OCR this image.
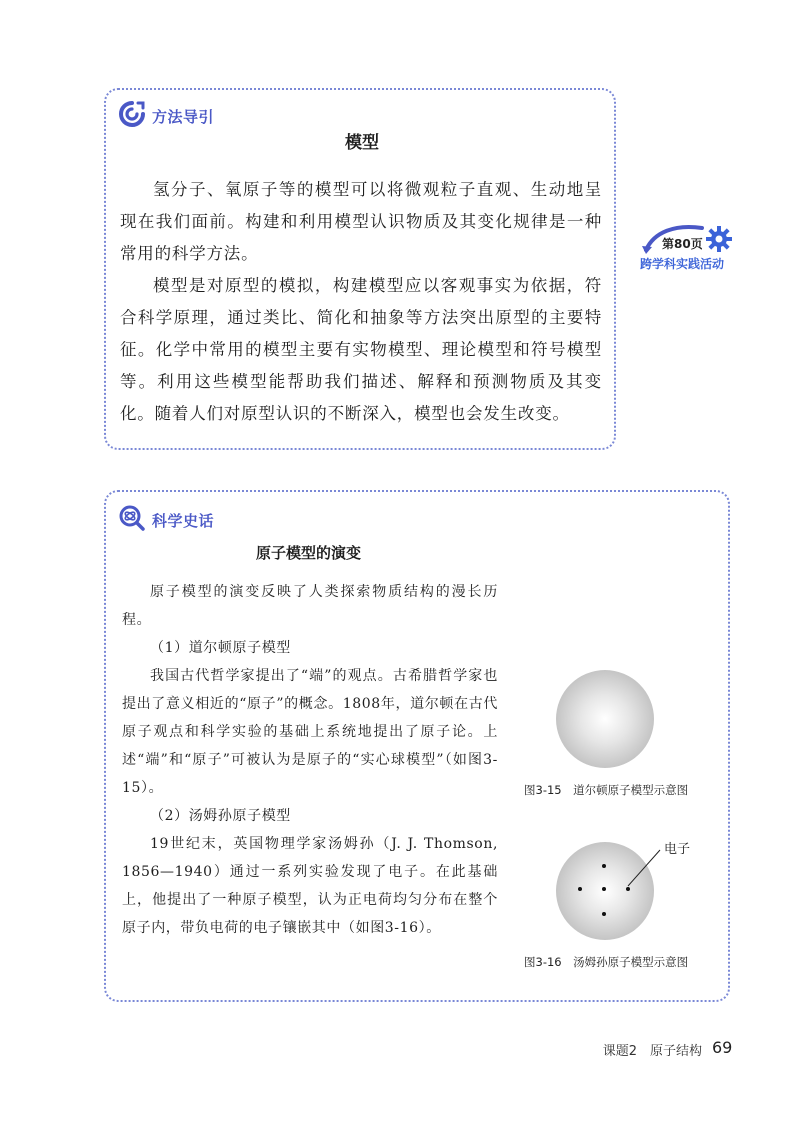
方法导引
模型

氢分子、氧原子等的模型可以将微观粒子直观、生动地呈现在我们面前。构建和利用模型认识物质及其变化规律是一种常用的科学方法。

模型是对原型的模拟，构建模型应以客观事实为依据，符合科学原理，通过类比、简化和抽象等方法突出原型的主要特征。化学中常用的模型主要有实物模型、理论模型和符号模型等。利用这些模型能帮助我们描述、解释和预测物质及其变化。随着人们对原型认识的不断深入，模型也会发生改变。

第80页
跨学科实践活动
科学史话
原子模型的演变

原子模型的演变反映了人类探索物质结构的漫长历程。

（1）道尔顿原子模型

我国古代哲学家提出了“端”的观点。古希腊哲学家也提出了意义相近的“原子”的概念。1808年，道尔顿在古代原子观点和科学实验的基础上系统地提出了原子论。上述“端”和“原子”可被认为是原子的“实心球模型”（如图3-15）。

（2）汤姆孙原子模型

19世纪末，英国物理学家汤姆孙（J. J. Thomson, 1856—1940）通过一系列实验发现了电子。在此基础上，他提出了一种原子模型，认为正电荷均匀分布在整个原子内，带负电荷的电子镶嵌其中（如图3-16）。

图3-15　道尔顿原子模型示意图
电子
图3-16　汤姆孙原子模型示意图
课题2　原子结构 69
